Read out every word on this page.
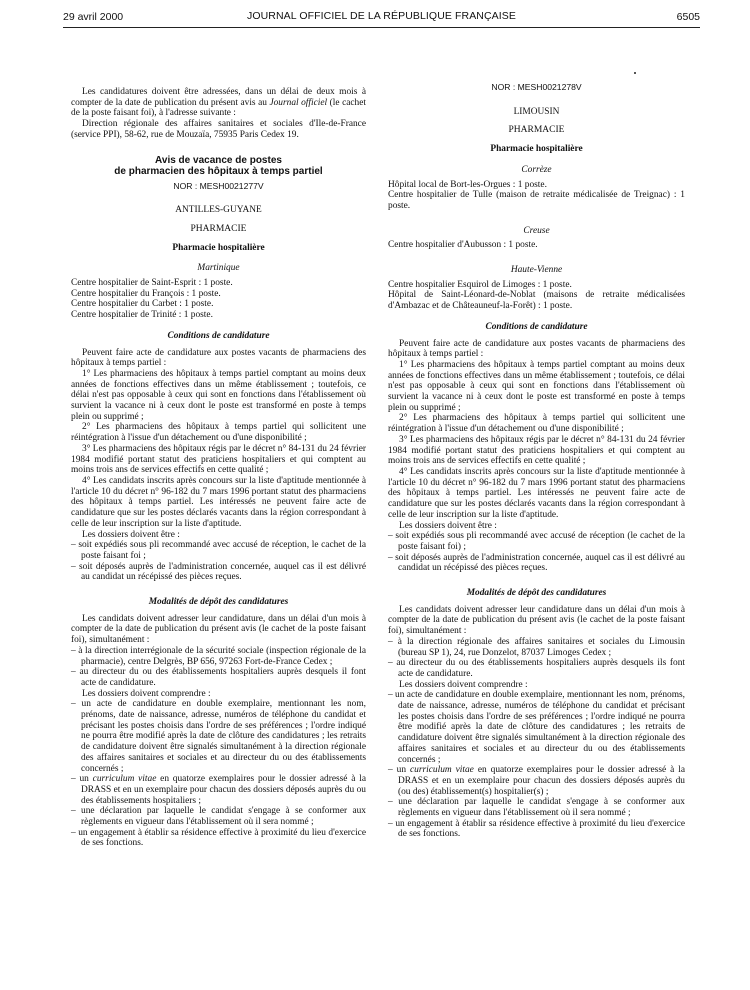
29 avril 2000	JOURNAL OFFICIEL DE LA RÉPUBLIQUE FRANÇAISE	6505

Les candidatures doivent être adressées, dans un délai de deux mois à compter de la date de publication du présent avis au Journal officiel (le cachet de la poste faisant foi), à l'adresse suivante :

Direction régionale des affaires sanitaires et sociales d'Ile-de-France (service PPI), 58-62, rue de Mouzaïa, 75935 Paris Cedex 19.

Avis de vacance de postes

de pharmacien des hôpitaux à temps partiel

NOR : MESH0021277V

ANTILLES-GUYANE

PHARMACIE

Pharmacie hospitalière

Martinique

Centre hospitalier de Saint-Esprit : 1 poste.

Centre hospitalier du François : 1 poste.

Centre hospitalier du Carbet : 1 poste.

Centre hospitalier de Trinité : 1 poste.

Conditions de candidature

Peuvent faire acte de candidature aux postes vacants de pharmaciens des hôpitaux à temps partiel :

1° Les pharmaciens des hôpitaux à temps partiel comptant au moins deux années de fonctions effectives dans un même établissement ; toutefois, ce délai n'est pas opposable à ceux qui sont en fonctions dans l'établissement où survient la vacance ni à ceux dont le poste est transformé en poste à temps plein ou supprimé ;

2° Les pharmaciens des hôpitaux à temps partiel qui sollicitent une réintégration à l'issue d'un détachement ou d'une disponibilité ;

3° Les pharmaciens des hôpitaux régis par le décret n° 84-131 du 24 février 1984 modifié portant statut des praticiens hospitaliers et qui comptent au moins trois ans de services effectifs en cette qualité ;

4° Les candidats inscrits après concours sur la liste d'aptitude mentionnée à l'article 10 du décret n° 96-182 du 7 mars 1996 portant statut des pharmaciens des hôpitaux à temps partiel. Les intéressés ne peuvent faire acte de candidature que sur les postes déclarés vacants dans la région correspondant à celle de leur inscription sur la liste d'aptitude.

Les dossiers doivent être :

– soit expédiés sous pli recommandé avec accusé de réception, le cachet de la poste faisant foi ;

– soit déposés auprès de l'administration concernée, auquel cas il est délivré au candidat un récépissé des pièces reçues.

Modalités de dépôt des candidatures

Les candidats doivent adresser leur candidature, dans un délai d'un mois à compter de la date de publication du présent avis (le cachet de la poste faisant foi), simultanément :

– à la direction interrégionale de la sécurité sociale (inspection régionale de la pharmacie), centre Delgrès, BP 656, 97263 Fort-de-France Cedex ;

– au directeur du ou des établissements hospitaliers auprès desquels il font acte de candidature.

Les dossiers doivent comprendre :

– un acte de candidature en double exemplaire, mentionnant les nom, prénoms, date de naissance, adresse, numéros de téléphone du candidat et précisant les postes choisis dans l'ordre de ses préférences ; l'ordre indiqué ne pourra être modifié après la date de clôture des candidatures ; les retraits de candidature doivent être signalés simultanément à la direction régionale des affaires sanitaires et sociales et au directeur du ou des établissements concernés ;

– un curriculum vitae en quatorze exemplaires pour le dossier adressé à la DRASS et en un exemplaire pour chacun des dossiers déposés auprès du ou des établissements hospitaliers ;

– une déclaration par laquelle le candidat s'engage à se conformer aux règlements en vigueur dans l'établissement où il sera nommé ;

– un engagement à établir sa résidence effective à proximité du lieu d'exercice de ses fonctions.

NOR : MESH0021278V

LIMOUSIN

PHARMACIE

Pharmacie hospitalière

Corrèze

Hôpital local de Bort-les-Orgues : 1 poste.

Centre hospitalier de Tulle (maison de retraite médicalisée de Treignac) : 1 poste.

Creuse

Centre hospitalier d'Aubusson : 1 poste.

Haute-Vienne

Centre hospitalier Esquirol de Limoges : 1 poste.

Hôpital de Saint-Léonard-de-Noblat (maisons de retraite médicalisées d'Ambazac et de Châteauneuf-la-Forêt) : 1 poste.

Conditions de candidature

Peuvent faire acte de candidature aux postes vacants de pharmaciens des hôpitaux à temps partiel :

1° Les pharmaciens des hôpitaux à temps partiel comptant au moins deux années de fonctions effectives dans un même établissement ; toutefois, ce délai n'est pas opposable à ceux qui sont en fonctions dans l'établissement où survient la vacance ni à ceux dont le poste est transformé en poste à temps plein ou supprimé ;

2° Les pharmaciens des hôpitaux à temps partiel qui sollicitent une réintégration à l'issue d'un détachement ou d'une disponibilité ;

3° Les pharmaciens des hôpitaux régis par le décret n° 84-131 du 24 février 1984 modifié portant statut des praticiens hospitaliers et qui comptent au moins trois ans de services effectifs en cette qualité ;

4° Les candidats inscrits après concours sur la liste d'aptitude mentionnée à l'article 10 du décret n° 96-182 du 7 mars 1996 portant statut des pharmaciens des hôpitaux à temps partiel. Les intéressés ne peuvent faire acte de candidature que sur les postes déclarés vacants dans la région correspondant à celle de leur inscription sur la liste d'aptitude.

Les dossiers doivent être :

– soit expédiés sous pli recommandé avec accusé de réception (le cachet de la poste faisant foi) ;

– soit déposés auprès de l'administration concernée, auquel cas il est délivré au candidat un récépissé des pièces reçues.

Modalités de dépôt des candidatures

Les candidats doivent adresser leur candidature dans un délai d'un mois à compter de la date de publication du présent avis (le cachet de la poste faisant foi), simultanément :

– à la direction régionale des affaires sanitaires et sociales du Limousin (bureau SP 1), 24, rue Donzelot, 87037 Limoges Cedex ;

– au directeur du ou des établissements hospitaliers auprès desquels ils font acte de candidature.

Les dossiers doivent comprendre :

– un acte de candidature en double exemplaire, mentionnant les nom, prénoms, date de naissance, adresse, numéros de téléphone du candidat et précisant les postes choisis dans l'ordre de ses préférences ; l'ordre indiqué ne pourra être modifié après la date de clôture des candidatures ; les retraits de candidature doivent être signalés simultanément à la direction régionale des affaires sanitaires et sociales et au directeur du ou des établissements concernés ;

– un curriculum vitae en quatorze exemplaires pour le dossier adressé à la DRASS et en un exemplaire pour chacun des dossiers déposés auprès du (ou des) établissement(s) hospitalier(s) ;

– une déclaration par laquelle le candidat s'engage à se conformer aux règlements en vigueur dans l'établissement où il sera nommé ;

– un engagement à établir sa résidence effective à proximité du lieu d'exercice de ses fonctions.
